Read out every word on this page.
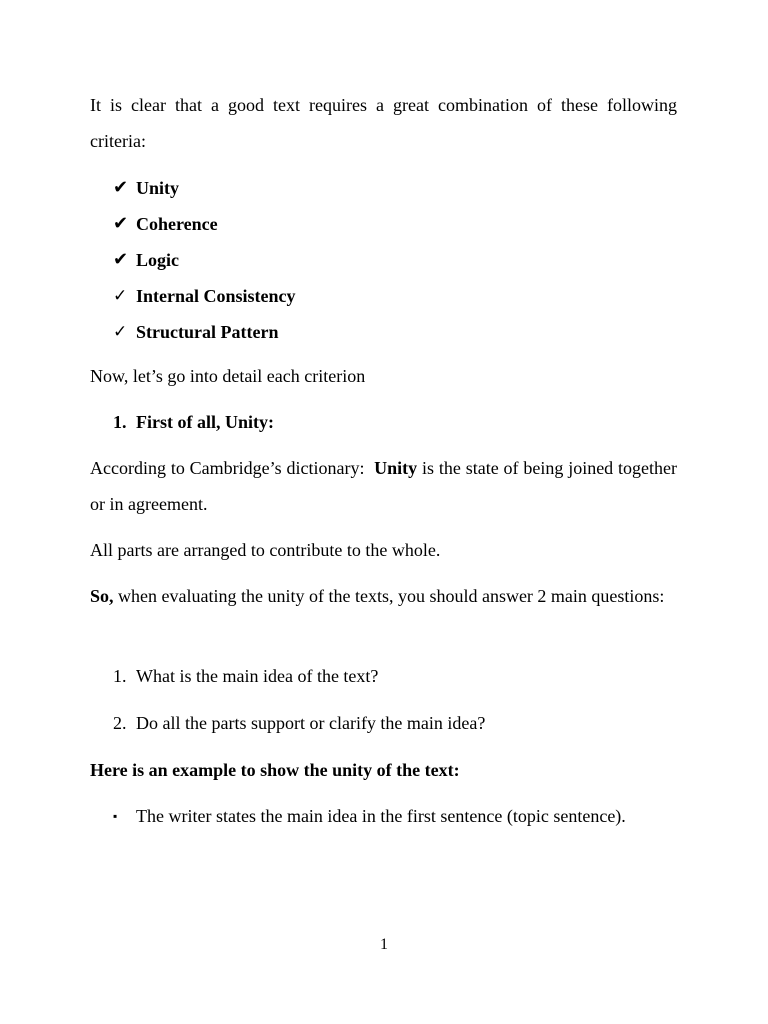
It is clear that a good text requires a great combination of these following criteria:

✔ Unity
✔ Coherence
✔ Logic
✓ Internal Consistency
✓ Structural Pattern

Now, let’s go into detail each criterion

1. First of all, Unity:

According to Cambridge’s dictionary:  Unity is the state of being joined together or in agreement.

All parts are arranged to contribute to the whole.

So, when evaluating the unity of the texts, you should answer 2 main questions:

1. What is the main idea of the text?
2. Do all the parts support or clarify the main idea?

Here is an example to show the unity of the text:

▪ The writer states the main idea in the first sentence (topic sentence).

1
